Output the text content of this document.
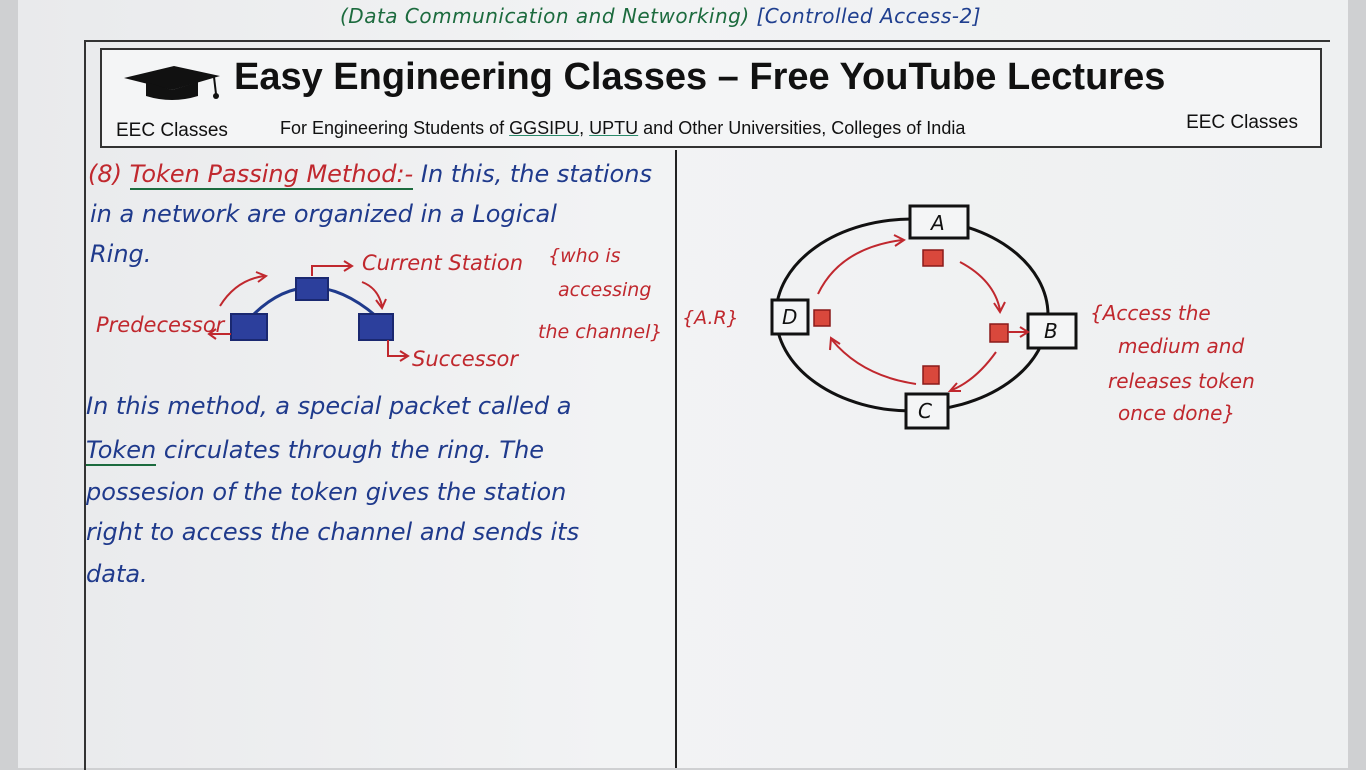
(Data Communication and Networking) [Controlled Access-2]
Easy Engineering Classes – Free YouTube Lectures
EEC Classes	For Engineering Students of GGSIPU, UPTU and Other Universities, Colleges of India	EEC Classes
(8) Token Passing Method:- In this, the stations
in a network are organized in a Logical
Ring.
Predecessor
Current Station {who is
accessing
the channel}
Successor
In this method, a special packet called a
Token circulates through the ring. The
possesion of the token gives the station
right to access the channel and sends its
data.
A
B
C
D
{A.R}	{Access the
medium and
releases token
once done}
